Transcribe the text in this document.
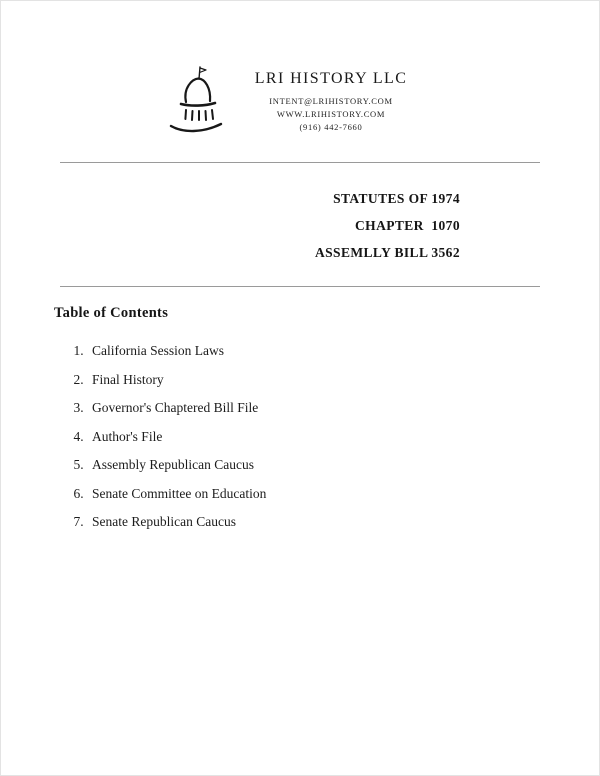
LRI HISTORY LLC
INTENT@LRIHISTORY.COM
WWW.LRIHISTORY.COM
(916) 442-7660
STATUTES OF 1974
CHAPTER  1070
ASSEMLLY BILL 3562
Table of Contents
1. California Session Laws
2. Final History
3. Governor's Chaptered Bill File
4. Author's File
5. Assembly Republican Caucus
6. Senate Committee on Education
7. Senate Republican Caucus
